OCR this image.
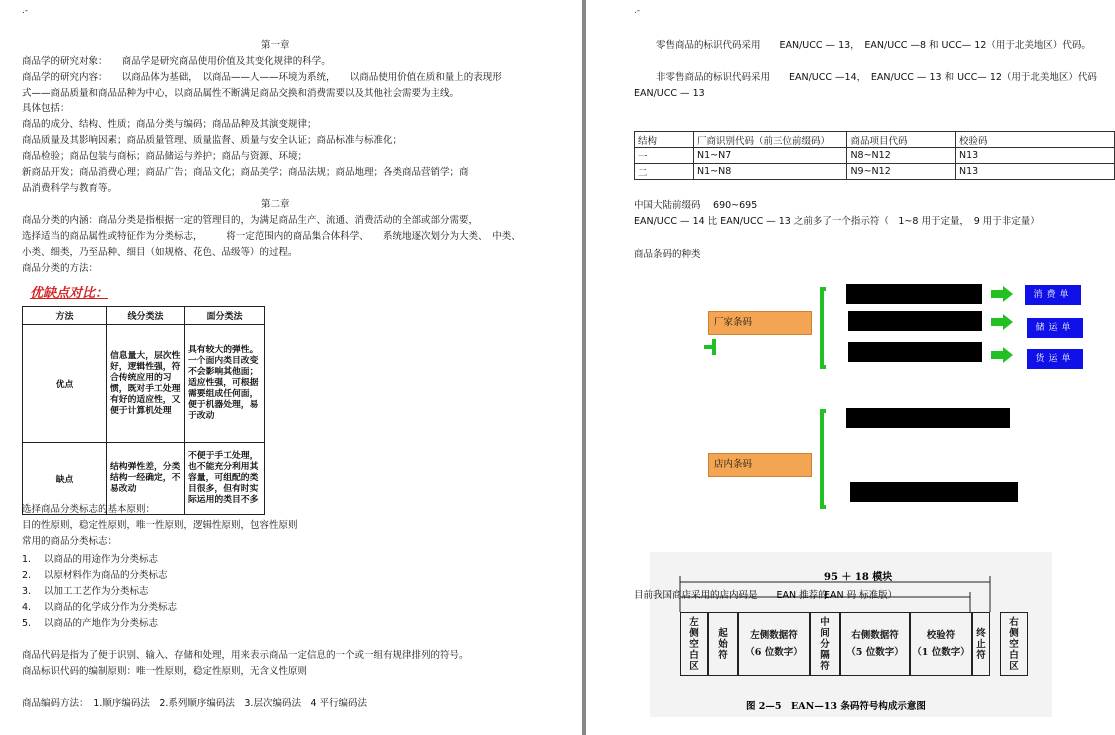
.-
第一章
商品学的研究对象：　　商品学是研究商品使用价值及其变化规律的科学。
商品学的研究内容：　　以商品体为基础，　以商品——人——环境为系统，　　以商品使用价值在质和量上的表现形
式——商品质量和商品品种为中心，以商品属性不断满足商品交换和消费需要以及其他社会需要为主线。
具体包括：
商品的成分、结构、性质；商品分类与编码；商品品种及其演变规律；
商品质量及其影响因素；商品质量管理、质量监督、质量与安全认证；商品标准与标准化；
商品检验；商品包装与商标；商品储运与养护；商品与资源、环境；
新商品开发；商品消费心理；商品广告；商品文化；商品美学；商品法规；商品地理；各类商品营销学；商
品消费科学与教育等。
第二章
商品分类的内涵：商品分类是指根据一定的管理目的，为满足商品生产、流通、消费活动的全部或部分需要，
选择适当的商品属性或特征作为分类标志，　　　将一定范围内的商品集合体科学、　　系统地逐次划分为大类、　中类、
小类、细类，乃至品种、细目（如规格、花色、品级等）的过程。
商品分类的方法：
优缺点对比：
方法	线分类法	面分类法
优点	信息量大，层次性好，逻辑性强，符合传统应用的习惯，既对手工处理有好的适应性，又便于计算机处理	具有较大的弹性。一个面内类目改变不会影响其他面；适应性强，可根据需要组成任何面，便于机器处理，易于改动
缺点	结构弹性差，分类结构一经确定，不易改动	不便于手工处理，也不能充分利用其容量，可组配的类目很多，但有时实际运用的类目不多
选择商品分类标志的基本原则：
目的性原则，稳定性原则，唯一性原则，逻辑性原则，包容性原则
常用的商品分类标志：
1. 以商品的用途作为分类标志
2. 以原材料作为商品的分类标志
3. 以加工工艺作为分类标志
4. 以商品的化学成分作为分类标志
5. 以商品的产地作为分类标志
商品代码是指为了便于识别、输入、存储和处理，用来表示商品一定信息的一个或一组有规律排列的符号。
商品标识代码的编制原则：唯一性原则，稳定性原则，无含义性原则
商品编码方法：　1.顺序编码法　2.系列顺序编码法　3.层次编码法　4 平行编码法
.-
零售商品的标识代码采用　　EAN/UCC — 13，　EAN/UCC —8 和 UCC— 12（用于北美地区）代码。
非零售商品的标识代码采用　　EAN/UCC —14，　EAN/UCC — 13 和 UCC— 12（用于北美地区）代码
EAN/UCC — 13
结构	厂商识别代码（前三位前缀码）	商品项目代码	校验码
一	N1~N7	N8~N12	N13
二	N1~N8	N9~N12	N13
中国大陆前缀码　 690~695
EAN/UCC — 14 比 EAN/UCC — 13 之前多了一个指示符（　1~8 用于定量，　9 用于非定量）
商品条码的种类
厂家条码
店内条码
消费单
储运单
货运单
95 ＋ 18 模块
目前我国商店采用的店内码是　　EAN 推荐的
EAN 码 标准版）
左侧空白区
起始符
左侧数据符
（6 位数字）
中间分隔符
右侧数据符
（5 位数字）
校验符
（1 位数字）
终止符
右侧空白区
图 2—5　EAN—13 条码符号构成示意图
